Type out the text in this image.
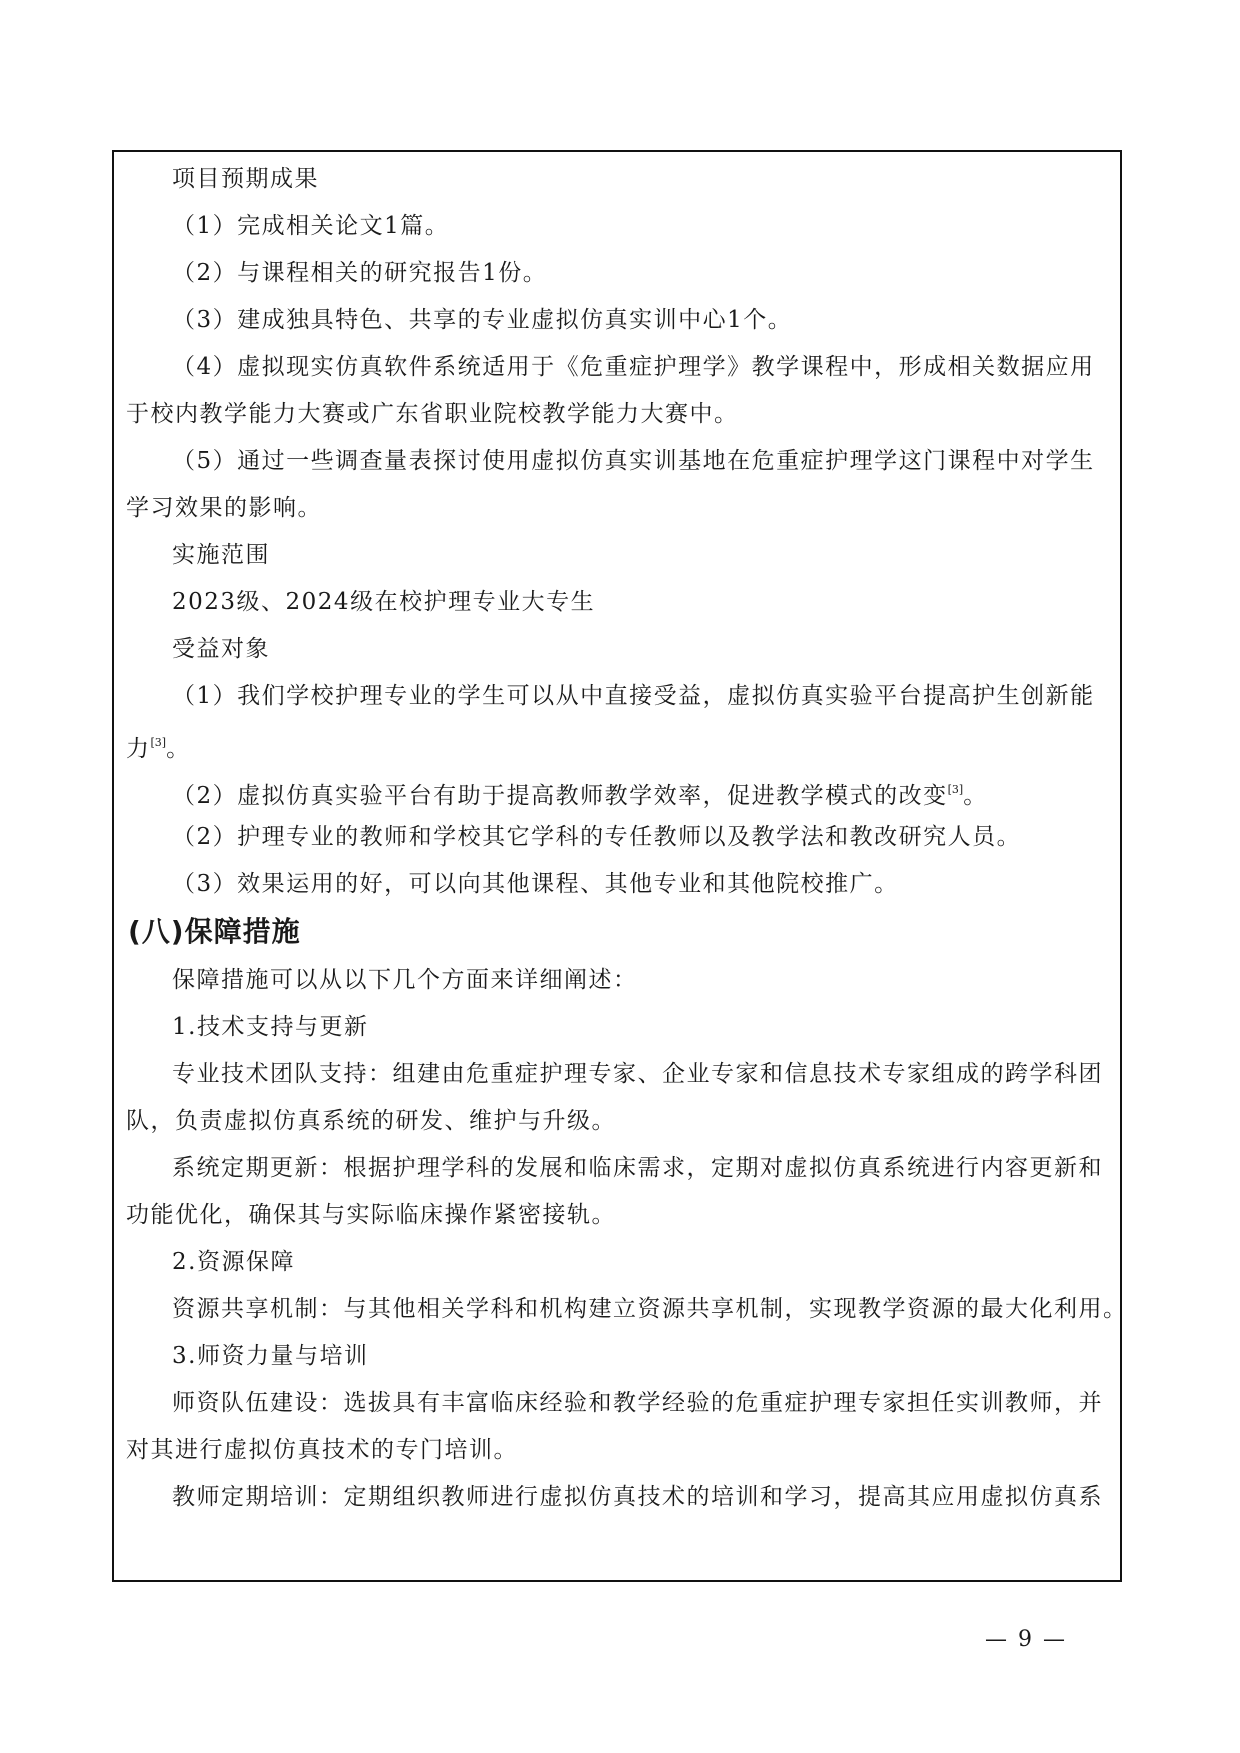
项目预期成果
（1）完成相关论文1篇。
（2）与课程相关的研究报告1份。
（3）建成独具特色、共享的专业虚拟仿真实训中心1个。
（4）虚拟现实仿真软件系统适用于《危重症护理学》教学课程中，形成相关数据应用
于校内教学能力大赛或广东省职业院校教学能力大赛中。
（5）通过一些调查量表探讨使用虚拟仿真实训基地在危重症护理学这门课程中对学生
学习效果的影响。
实施范围
2023级、2024级在校护理专业大专生
受益对象
（1）我们学校护理专业的学生可以从中直接受益，虚拟仿真实验平台提高护生创新能
力[3]。
（2）虚拟仿真实验平台有助于提高教师教学效率，促进教学模式的改变[3]。
（2）护理专业的教师和学校其它学科的专任教师以及教学法和教改研究人员。
（3）效果运用的好，可以向其他课程、其他专业和其他院校推广。
(八)保障措施
保障措施可以从以下几个方面来详细阐述：
1.技术支持与更新
专业技术团队支持：组建由危重症护理专家、企业专家和信息技术专家组成的跨学科团
队，负责虚拟仿真系统的研发、维护与升级。
系统定期更新：根据护理学科的发展和临床需求，定期对虚拟仿真系统进行内容更新和
功能优化，确保其与实际临床操作紧密接轨。
2.资源保障
资源共享机制：与其他相关学科和机构建立资源共享机制，实现教学资源的最大化利用。
3.师资力量与培训
师资队伍建设：选拔具有丰富临床经验和教学经验的危重症护理专家担任实训教师，并
对其进行虚拟仿真技术的专门培训。
教师定期培训：定期组织教师进行虚拟仿真技术的培训和学习，提高其应用虚拟仿真系
— 9 —
